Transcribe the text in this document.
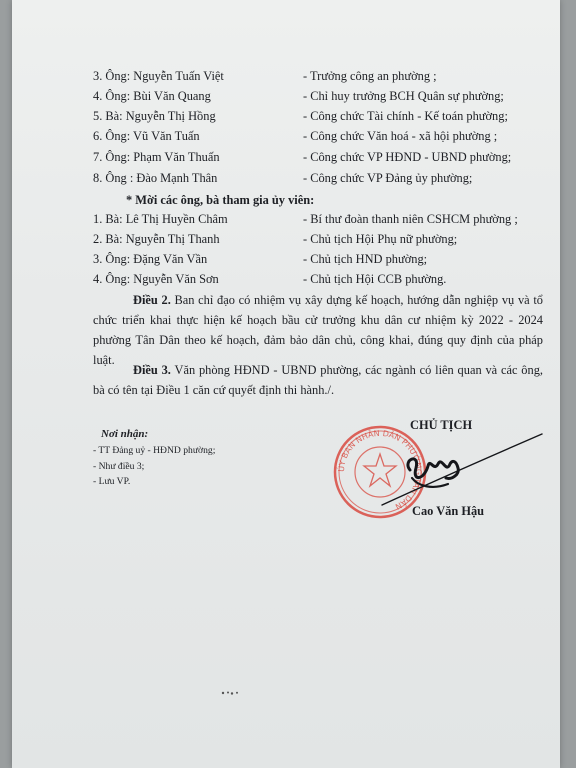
3. Ông: Nguyễn Tuấn Việt	- Trưởng công an phường ;
4. Ông: Bùi Văn Quang	- Chỉ huy trưởng BCH Quân sự phường;
5. Bà: Nguyễn Thị Hồng	- Công chức Tài chính - Kế toán phường;
6. Ông: Vũ Văn Tuấn	- Công chức Văn hoá - xã hội phường ;
7. Ông: Phạm Văn Thuấn	- Công chức VP HĐND - UBND phường;
8. Ông : Đào Mạnh Thân	- Công chức VP Đảng ủy phường;
* Mời các ông, bà tham gia ủy viên:
1. Bà: Lê Thị Huyền Châm	- Bí thư đoàn thanh niên CSHCM phường ;
2. Bà: Nguyễn Thị Thanh	- Chủ tịch Hội Phụ nữ phường;
3. Ông: Đặng Văn Vần	- Chủ tịch HND phường;
4. Ông: Nguyễn Văn Sơn	- Chủ tịch Hội CCB phường.
Điều 2. Ban chỉ đạo có nhiệm vụ xây dựng kế hoạch, hướng dẫn nghiệp vụ và tổ chức triển khai thực hiện kế hoạch bầu cử trưởng khu dân cư nhiệm kỳ 2022 - 2024 phường Tân Dân theo kế hoạch, đảm bảo dân chủ, công khai, đúng quy định của pháp luật.
Điều 3. Văn phòng HĐND - UBND phường, các ngành có liên quan và các ông, bà có tên tại Điều 1 căn cứ quyết định thi hành./.
Nơi nhận:
- TT Đảng uỷ - HĐND phường;
- Như điều 3;
- Lưu VP.
CHỦ TỊCH
ỦY BAN NHÂN DÂN PHƯỜNG TÂN DÂN Cao Văn Hậu
